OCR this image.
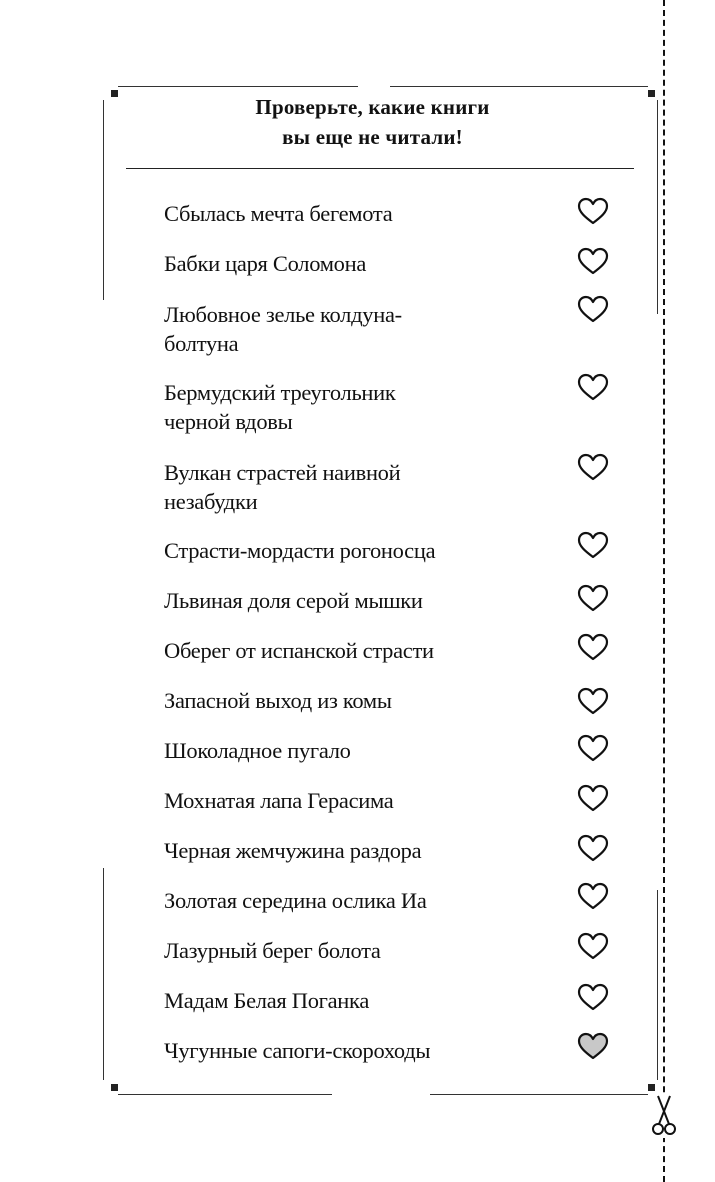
Проверьте, какие книги
вы еще не читали!
Сбылась мечта бегемота
Бабки царя Соломона
Любовное зелье колдуна-
болтуна
Бермудский треугольник
черной вдовы
Вулкан страстей наивной
незабудки
Страсти-мордасти рогоносца
Львиная доля серой мышки
Оберег от испанской страсти
Запасной выход из комы
Шоколадное пугало
Мохнатая лапа Герасима
Черная жемчужина раздора
Золотая середина ослика Иа
Лазурный берег болота
Мадам Белая Поганка
Чугунные сапоги-скороходы
